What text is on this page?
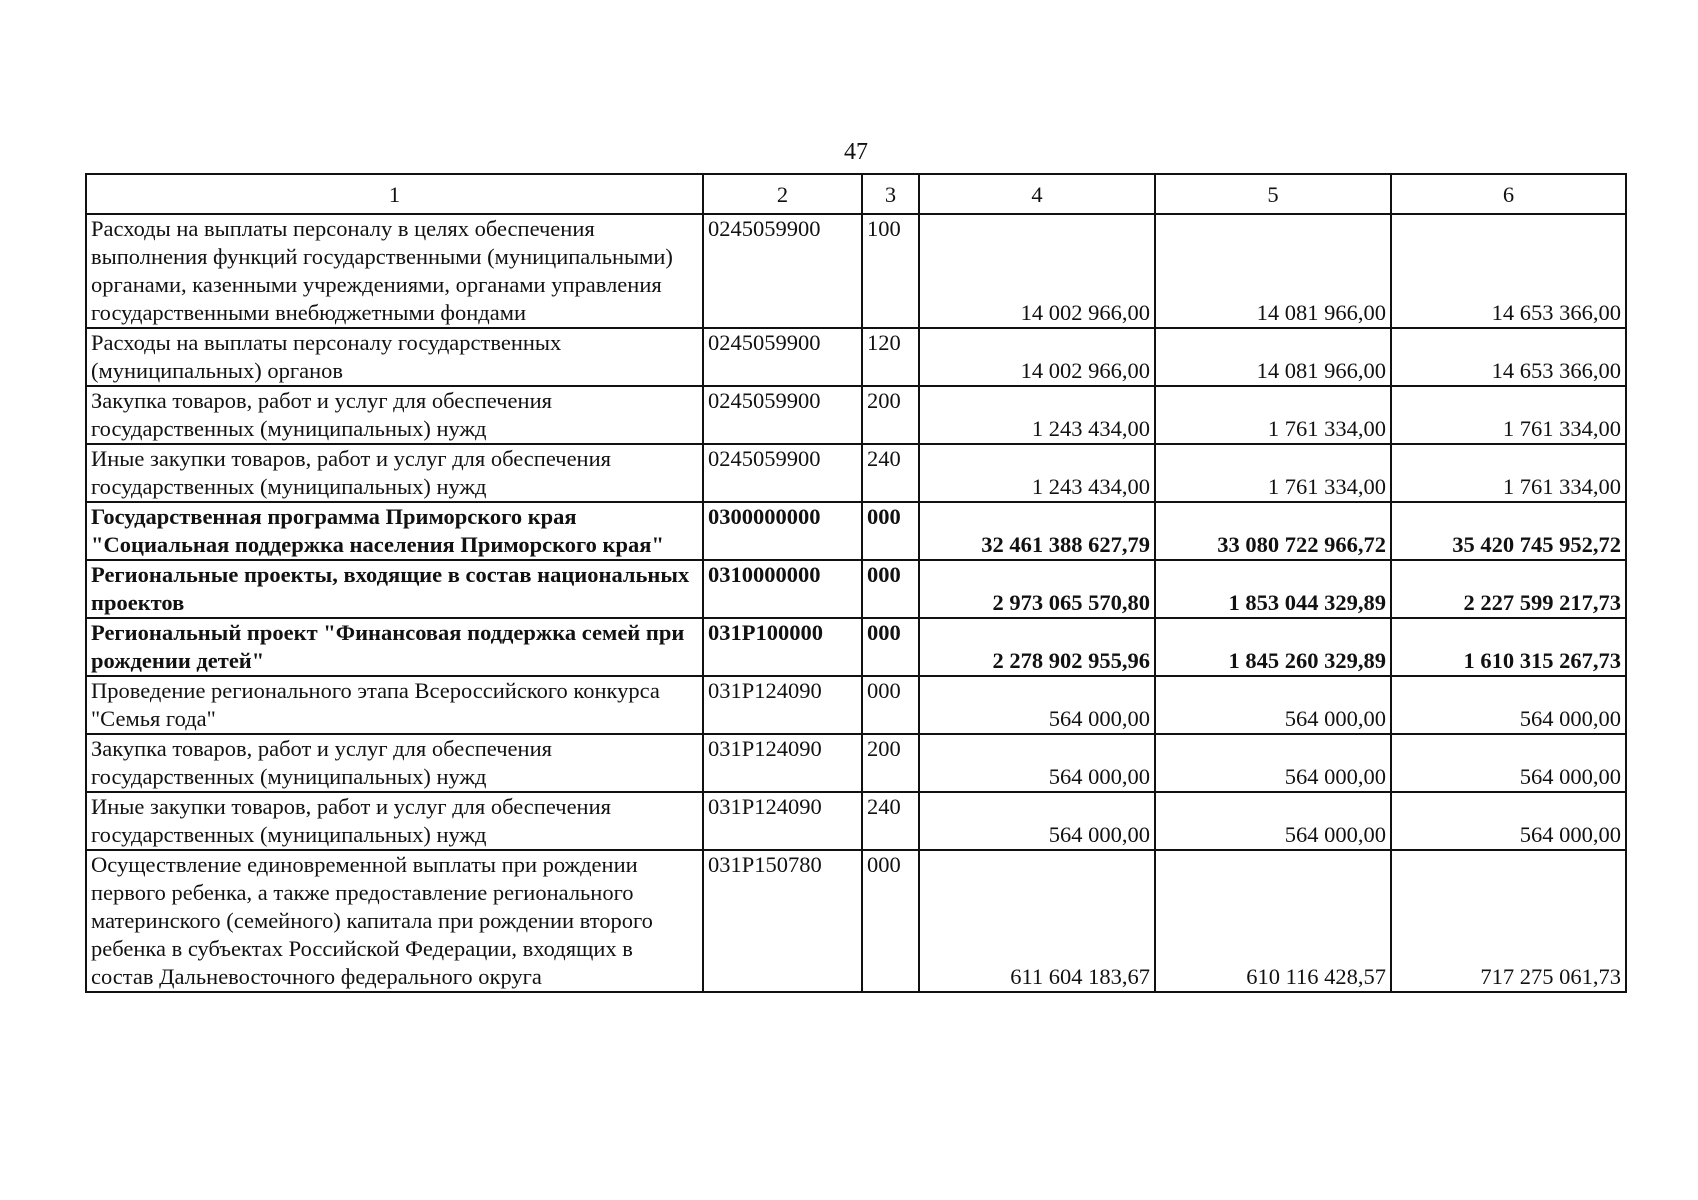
47
1	2	3	4	5	6
Расходы на выплаты персоналу в целях обеспечения выполнения функций государственными (муниципальными) органами, казенными учреждениями, органами управления государственными внебюджетными фондами	0245059900	100	14 002 966,00	14 081 966,00	14 653 366,00
Расходы на выплаты персоналу государственных (муниципальных) органов	0245059900	120	14 002 966,00	14 081 966,00	14 653 366,00
Закупка товаров, работ и услуг для обеспечения государственных (муниципальных) нужд	0245059900	200	1 243 434,00	1 761 334,00	1 761 334,00
Иные закупки товаров, работ и услуг для обеспечения государственных (муниципальных) нужд	0245059900	240	1 243 434,00	1 761 334,00	1 761 334,00
Государственная программа Приморского края "Социальная поддержка населения Приморского края"	0300000000	000	32 461 388 627,79	33 080 722 966,72	35 420 745 952,72
Региональные проекты, входящие в состав национальных проектов	0310000000	000	2 973 065 570,80	1 853 044 329,89	2 227 599 217,73
Региональный проект "Финансовая поддержка семей при рождении детей"	031P100000	000	2 278 902 955,96	1 845 260 329,89	1 610 315 267,73
Проведение регионального этапа Всероссийского конкурса "Семья года"	031P124090	000	564 000,00	564 000,00	564 000,00
Закупка товаров, работ и услуг для обеспечения государственных (муниципальных) нужд	031P124090	200	564 000,00	564 000,00	564 000,00
Иные закупки товаров, работ и услуг для обеспечения государственных (муниципальных) нужд	031P124090	240	564 000,00	564 000,00	564 000,00
Осуществление единовременной выплаты при рождении первого ребенка, а также предоставление регионального материнского (семейного) капитала при рождении второго ребенка в субъектах Российской Федерации, входящих в состав Дальневосточного федерального округа	031P150780	000	611 604 183,67	610 116 428,57	717 275 061,73
